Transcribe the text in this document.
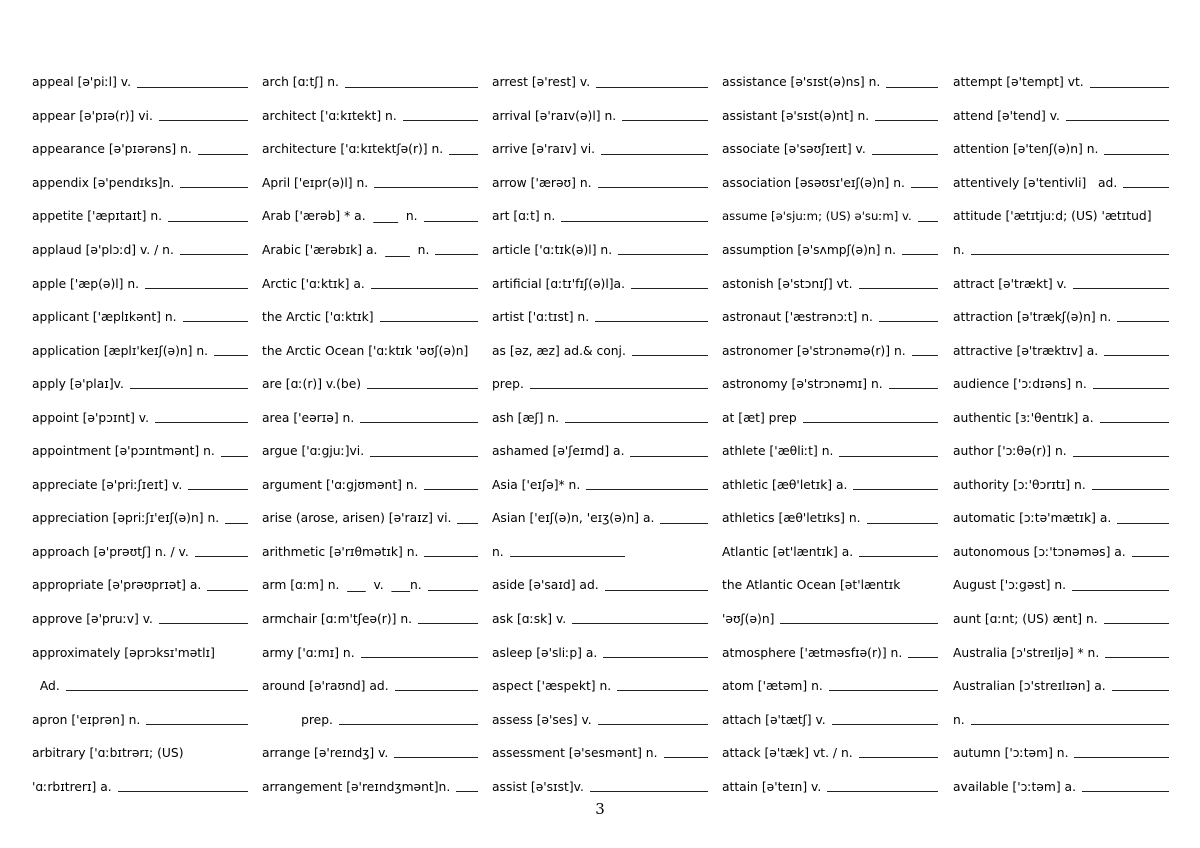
appeal [ə'piːl] v.
appear [ə'pɪə(r)] vi.
appearance [ə'pɪərəns] n.
appendix [ə'pendɪks]n.
appetite ['æpɪtaɪt] n.
applaud [ə'plɔːd] v. / n.
apple ['æp(ə)l] n.
applicant ['æplɪkənt] n.
application [æplɪ'keɪʃ(ə)n] n.
apply [ə'plaɪ]v.
appoint [ə'pɔɪnt] v.
appointment [ə'pɔɪntmənt] n.
appreciate [ə'priːʃɪeɪt] v.
appreciation [əpriːʃɪ'eɪʃ(ə)n] n.
approach [ə'prəʊtʃ] n. / v.
appropriate [ə'prəʊprɪət] a.
approve [ə'pruːv] v.
approximately [əprɔksɪ'mətlɪ]
Ad.
apron ['eɪprən] n.
arbitrary ['ɑːbɪtrərɪ; (US)
'ɑːrbɪtrerɪ] a.
arch [ɑːtʃ] n.
architect ['ɑːkɪtekt] n.
architecture ['ɑːkɪtektʃə(r)] n.
April ['eɪpr(ə)l] n.
Arab ['ærəb] * a.  ____  n.
Arabic ['ærəbɪk] a.  ____  n.
Arctic ['ɑːktɪk] a.
the Arctic ['ɑːktɪk]
the Arctic Ocean ['ɑːktɪk 'əʊʃ(ə)n]
are [ɑː(r)] v.(be)
area ['eərɪə] n.
argue ['ɑːgjuː]vi.
argument ['ɑːgjʊmənt] n.
arise (arose, arisen) [ə'raɪz] vi.
arithmetic [ə'rɪθmətɪk] n.
arm [ɑːm] n.  ___  v.  ___n.
armchair [ɑːm'tʃeə(r)] n.
army ['ɑːmɪ] n.
around [ə'raʊnd] ad.
prep.
arrange [ə'reɪndʒ] v.
arrangement [ə'reɪndʒmənt]n.
arrest [ə'rest] v.
arrival [ə'raɪv(ə)l] n.
arrive [ə'raɪv] vi.
arrow ['ærəʊ] n.
art [ɑːt] n.
article ['ɑːtɪk(ə)l] n.
artificial [ɑːtɪ'fɪʃ(ə)l]a.
artist ['ɑːtɪst] n.
as [əz, æz] ad.& conj.
prep.
ash [æʃ] n.
ashamed [ə'ʃeɪmd] a.
Asia ['eɪʃə]* n.
Asian ['eɪʃ(ə)n, 'eɪʒ(ə)n] a.
n.
aside [ə'saɪd] ad.
ask [ɑːsk] v.
asleep [ə'sliːp] a.
aspect ['æspekt] n.
assess [ə'ses] v.
assessment [ə'sesmənt] n.
assist [ə'sɪst]v.
assistance [ə'sɪst(ə)ns] n.
assistant [ə'sɪst(ə)nt] n.
associate [ə'səʊʃɪeɪt] v.
association [əsəʊsɪ'eɪʃ(ə)n] n.
assume [ə'sjuːm; (US) ə'suːm] v.
assumption [ə'sʌmpʃ(ə)n] n.
astonish [ə'stɔnɪʃ] vt.
astronaut ['æstrənɔːt] n.
astronomer [ə'strɔnəmə(r)] n.
astronomy [ə'strɔnəmɪ] n.
at [æt] prep
athlete ['æθliːt] n.
athletic [æθ'letɪk] a.
athletics [æθ'letɪks] n.
Atlantic [ət'læntɪk] a.
the Atlantic Ocean [ət'læntɪk
'əʊʃ(ə)n]
atmosphere ['ætməsfɪə(r)] n.
atom ['ætəm] n.
attach [ə'tætʃ] v.
attack [ə'tæk] vt. / n.
attain [ə'teɪn] v.
attempt [ə'tempt] vt.
attend [ə'tend] v.
attention [ə'tenʃ(ə)n] n.
attentively [ə'tentivli]   ad.
attitude ['ætɪtjuːd; (US) 'ætɪtud]
n.
attract [ə'trækt] v.
attraction [ə'trækʃ(ə)n] n.
attractive [ə'træktɪv] a.
audience ['ɔːdɪəns] n.
authentic [ɜː'θentɪk] a.
author ['ɔːθə(r)] n.
authority [ɔː'θɔrɪtɪ] n.
automatic [ɔːtə'mætɪk] a.
autonomous [ɔː'tɔnəməs] a.
August ['ɔːgəst] n.
aunt [ɑːnt; (US) ænt] n.
Australia [ɔ'streɪljə] * n.
Australian [ɔ'streɪlɪən] a.
n.
autumn ['ɔːtəm] n.
available ['ɔːtəm] a.
3
